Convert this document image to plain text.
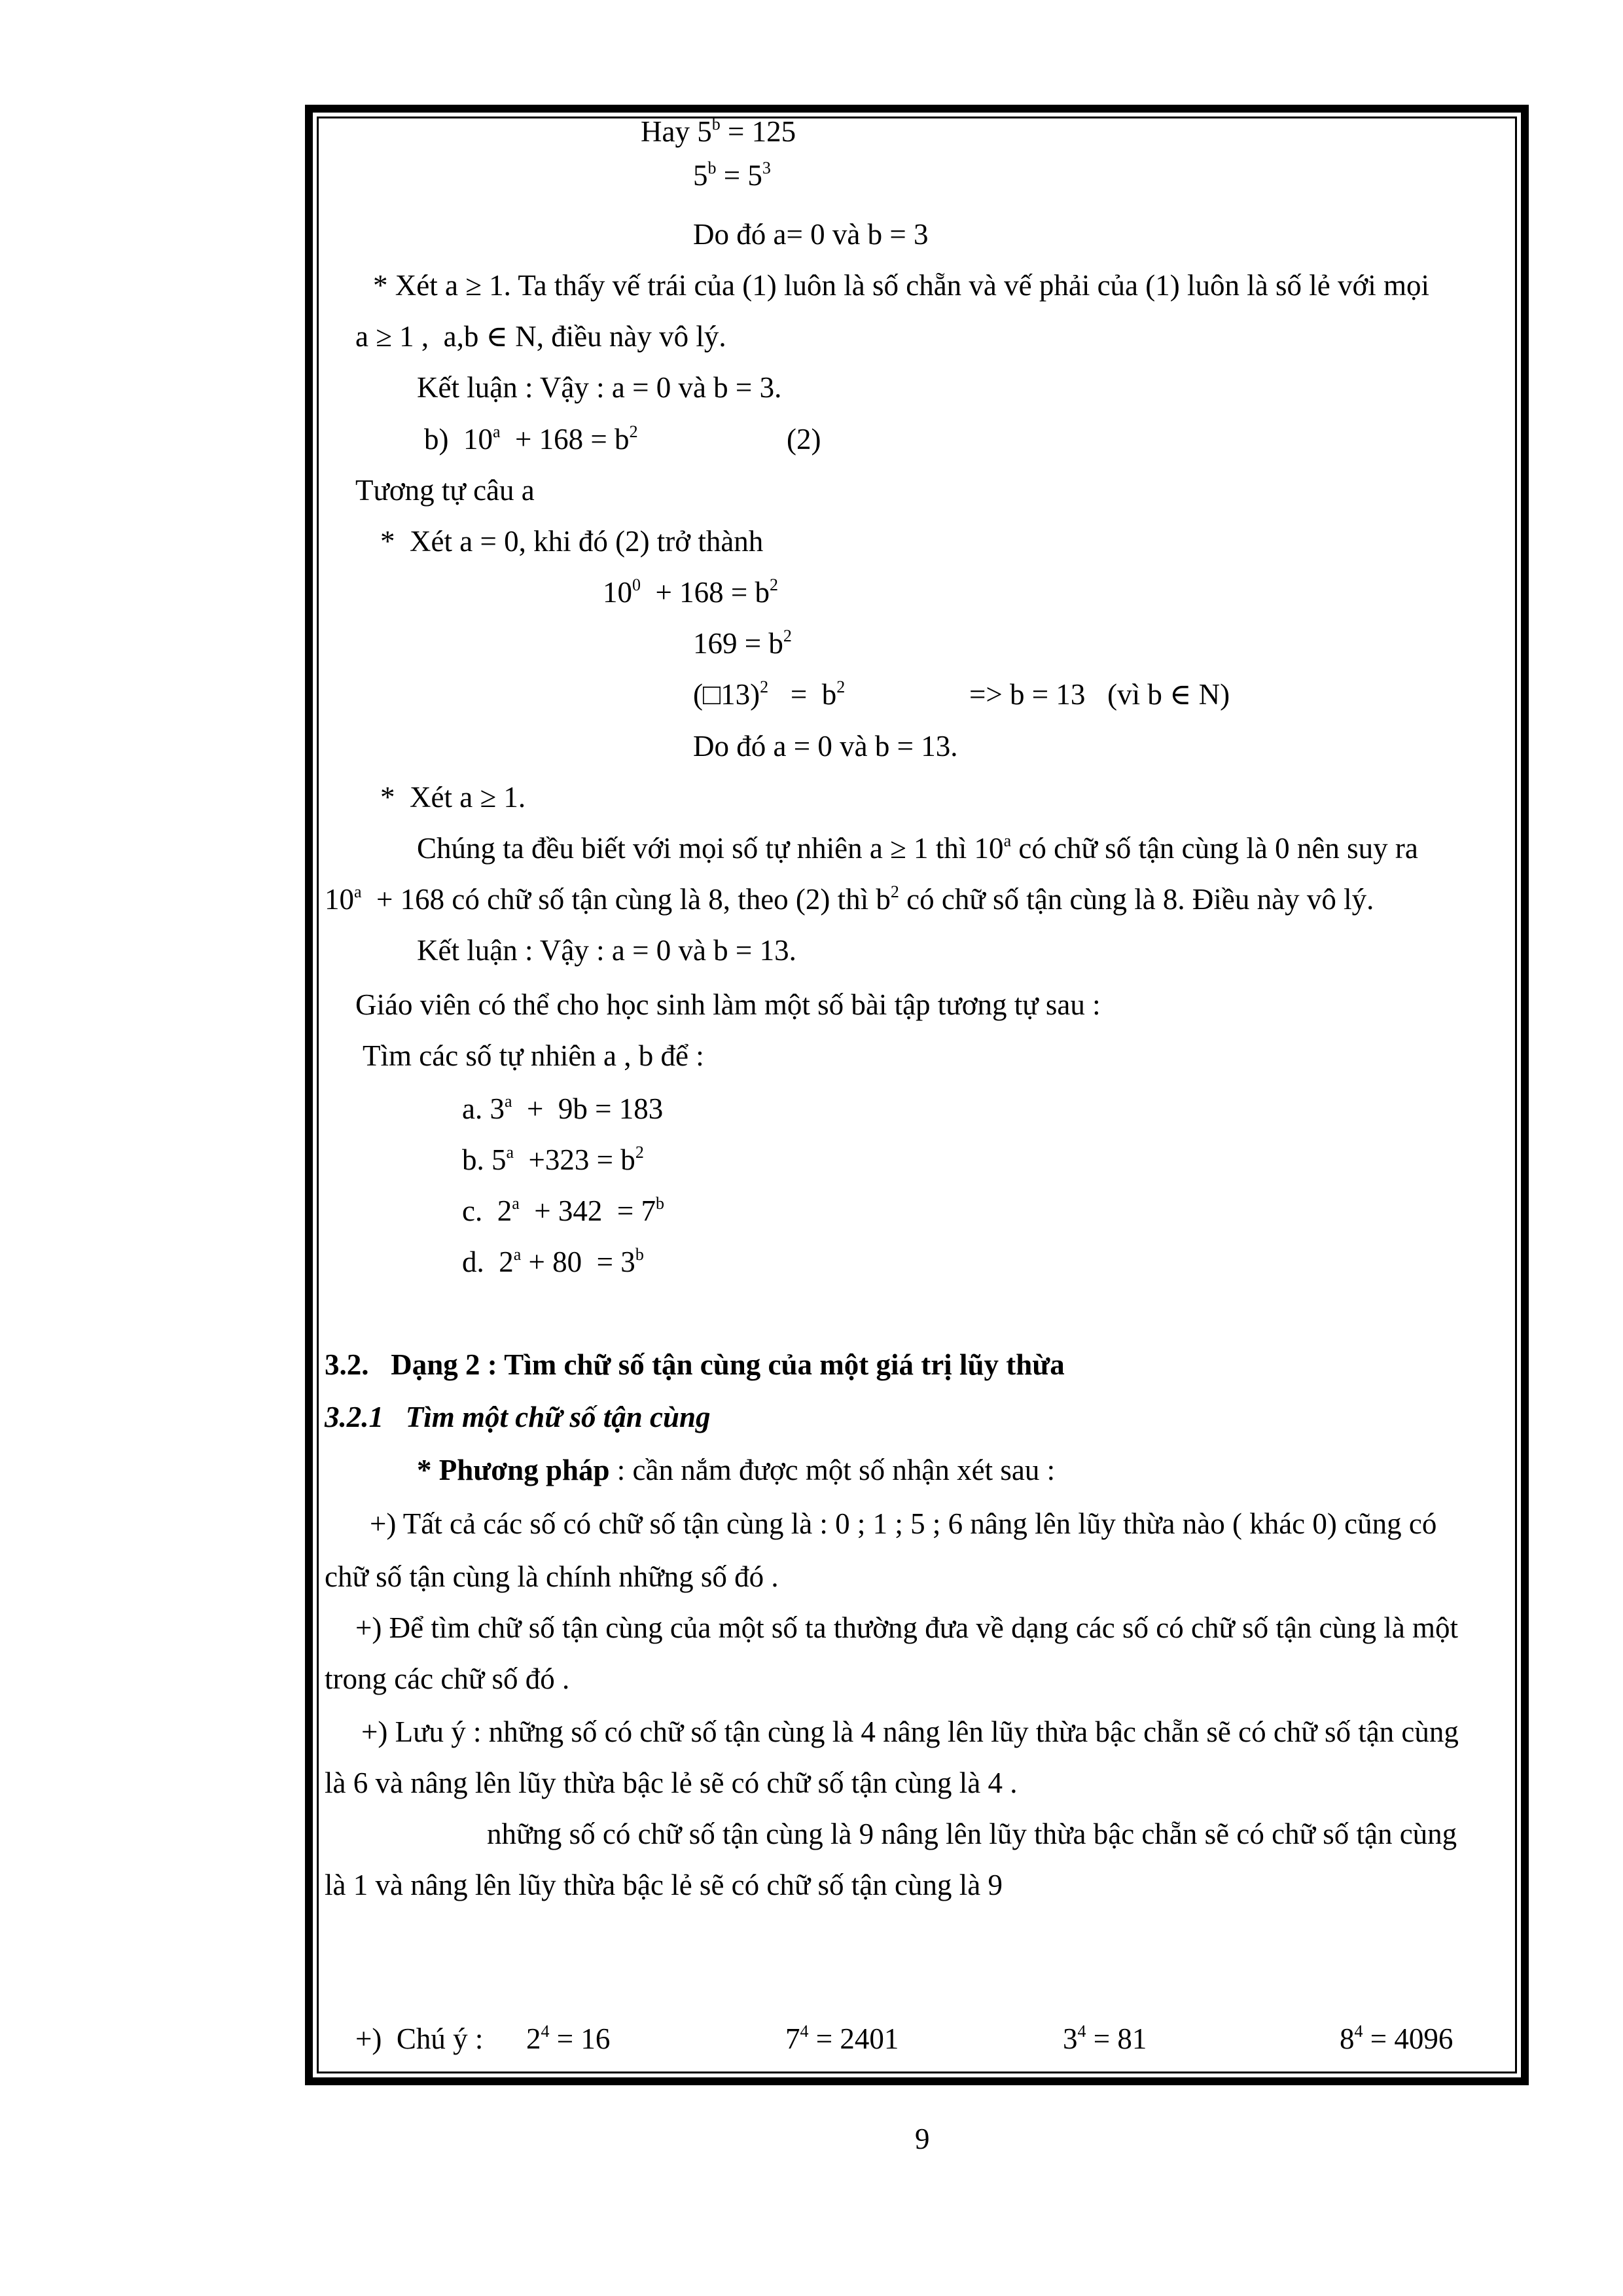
Hay $5^b = 125$
$5^b = 5^3$
Do đó a= 0 và b = 3
* Xét a ≥ 1. Ta thấy vế trái của (1) luôn là số chẵn và vế phải của (1) luôn là số lẻ với mọi
a ≥ 1 ,  a,b ∈ N, điều này vô lý.
Kết luận : Vậy : a = 0 và b = 3.
b)  $10^a + 168 = b^2$	(2)
Tương tự câu a
*  Xét a = 0, khi đó (2) trở thành
$10^0 + 168 = b^2$
$169 = b^2$
(□13)$^2$   =  $b^2$	=> b = 13   (vì b ∈ N)
Do đó a = 0 và b = 13.
*  Xét a ≥ 1.
Chúng ta đều biết với mọi số tự nhiên a ≥ 1 thì 10$^a$ có chữ số tận cùng là 0 nên suy ra
10$^a$  + 168 có chữ số tận cùng là 8, theo (2) thì $b^2$ có chữ số tận cùng là 8. Điều này vô lý.
Kết luận : Vậy : a = 0 và b = 13.
Giáo viên có thể cho học sinh làm một số bài tập tương tự sau :
Tìm các số tự nhiên a , b để :
a. 3$^a$  +  9b = 183
b. $5^a +323 = b^2$
c.  $2^a + 342 = 7^b$
d.  $2^a + 80 = 3^b$
3.2.   Dạng 2 : Tìm chữ số tận cùng của một giá trị lũy thừa
3.2.1   Tìm một chữ số tận cùng
* Phương pháp : cần nắm được một số nhận xét sau :
+) Tất cả các số có chữ số tận cùng là : 0 ; 1 ; 5 ; 6 nâng lên lũy thừa nào ( khác 0) cũng có
chữ số tận cùng là chính những số đó .
+) Để tìm chữ số tận cùng của một số ta thường đưa về dạng các số có chữ số tận cùng là một
trong các chữ số đó .
+) Lưu ý : những số có chữ số tận cùng là 4 nâng lên lũy thừa bậc chẵn sẽ có chữ số tận cùng
là 6 và nâng lên lũy thừa bậc lẻ sẽ có chữ số tận cùng là 4 .
những số có chữ số tận cùng là 9 nâng lên lũy thừa bậc chẵn sẽ có chữ số tận cùng
là 1 và nâng lên lũy thừa bậc lẻ sẽ có chữ số tận cùng là 9
+)  Chú ý : $2^4 = 16$	$7^4 = 2401$	$3^4 = 81$	$8^4 = 4096$
9
